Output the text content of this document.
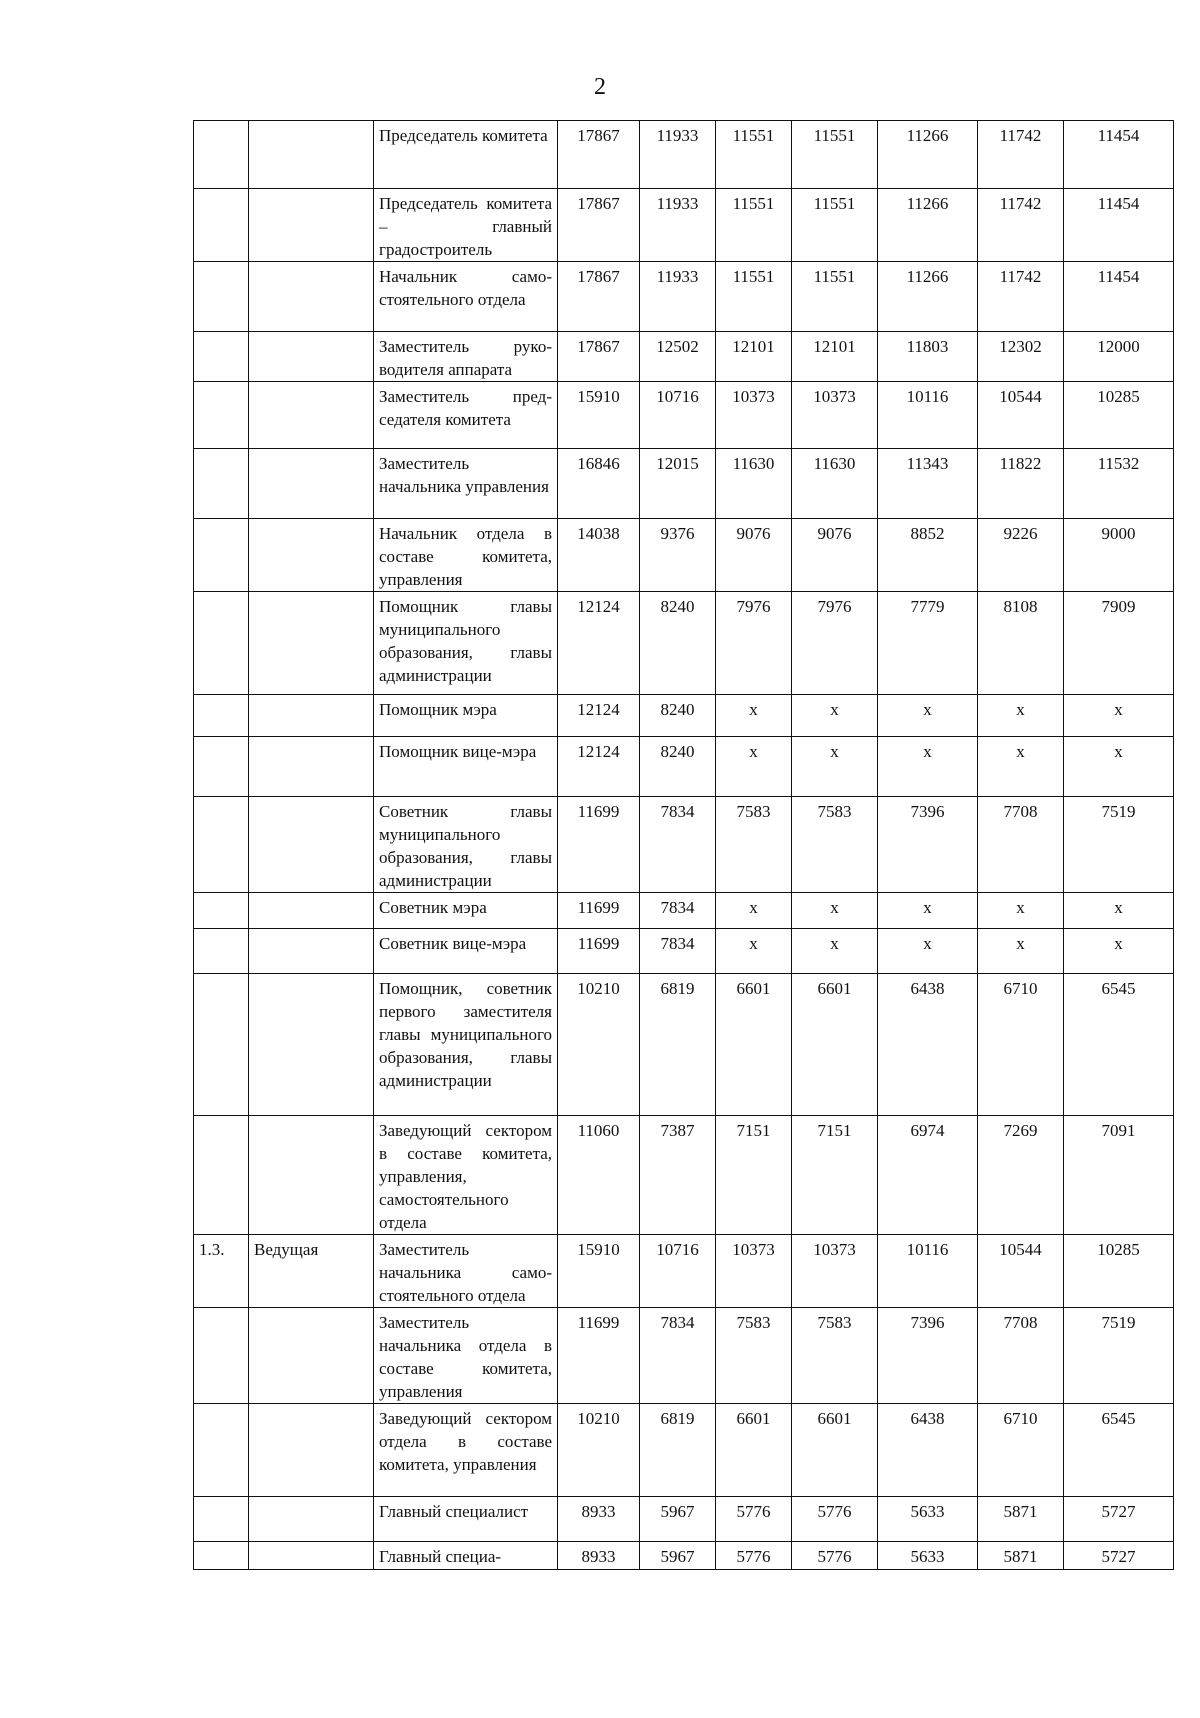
2
		Председатель комитета	17867	11933	11551	11551	11266	11742	11454
		Председатель комитета – главный градостроитель	17867	11933	11551	11551	11266	11742	11454
		Начальник самостоятельного отдела	17867	11933	11551	11551	11266	11742	11454
		Заместитель руководителя аппарата	17867	12502	12101	12101	11803	12302	12000
		Заместитель председателя комитета	15910	10716	10373	10373	10116	10544	10285
		Заместитель начальника управления	16846	12015	11630	11630	11343	11822	11532
		Начальник отдела в составе комитета, управления	14038	9376	9076	9076	8852	9226	9000
		Помощник главы муниципального образования, главы администрации	12124	8240	7976	7976	7779	8108	7909
		Помощник мэра	12124	8240	x	x	x	x	x
		Помощник вице-мэра	12124	8240	x	x	x	x	x
		Советник главы муниципального образования, главы администрации	11699	7834	7583	7583	7396	7708	7519
		Советник мэра	11699	7834	x	x	x	x	x
		Советник вице-мэра	11699	7834	x	x	x	x	x
		Помощник, советник первого заместителя главы муниципального образования, главы администрации	10210	6819	6601	6601	6438	6710	6545
		Заведующий сектором в составе комитета, управления, самостоятельного отдела	11060	7387	7151	7151	6974	7269	7091
1.3.	Ведущая	Заместитель начальника самостоятельного отдела	15910	10716	10373	10373	10116	10544	10285
		Заместитель начальника отдела в составе комитета, управления	11699	7834	7583	7583	7396	7708	7519
		Заведующий сектором отдела в составе комитета, управления	10210	6819	6601	6601	6438	6710	6545
		Главный специалист	8933	5967	5776	5776	5633	5871	5727
		Главный специа-	8933	5967	5776	5776	5633	5871	5727
